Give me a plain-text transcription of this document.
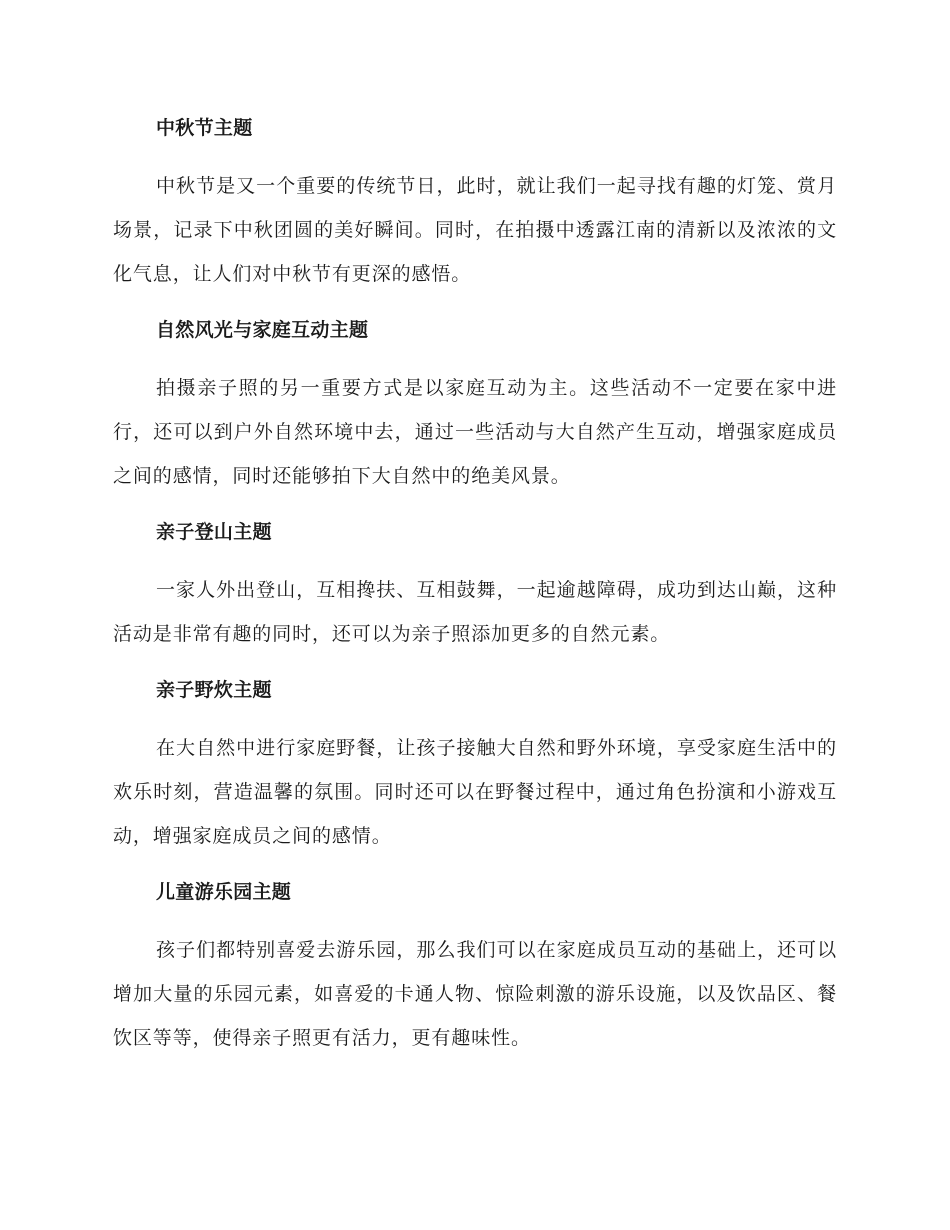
中秋节主题

中秋节是又一个重要的传统节日，此时，就让我们一起寻找有趣的灯笼、赏月场景，记录下中秋团圆的美好瞬间。同时，在拍摄中透露江南的清新以及浓浓的文化气息，让人们对中秋节有更深的感悟。

自然风光与家庭互动主题

拍摄亲子照的另一重要方式是以家庭互动为主。这些活动不一定要在家中进行，还可以到户外自然环境中去，通过一些活动与大自然产生互动，增强家庭成员之间的感情，同时还能够拍下大自然中的绝美风景。

亲子登山主题

一家人外出登山，互相搀扶、互相鼓舞，一起逾越障碍，成功到达山巅，这种活动是非常有趣的同时，还可以为亲子照添加更多的自然元素。

亲子野炊主题

在大自然中进行家庭野餐，让孩子接触大自然和野外环境，享受家庭生活中的欢乐时刻，营造温馨的氛围。同时还可以在野餐过程中，通过角色扮演和小游戏互动，增强家庭成员之间的感情。

儿童游乐园主题

孩子们都特别喜爱去游乐园，那么我们可以在家庭成员互动的基础上，还可以增加大量的乐园元素，如喜爱的卡通人物、惊险刺激的游乐设施，以及饮品区、餐饮区等等，使得亲子照更有活力，更有趣味性。
